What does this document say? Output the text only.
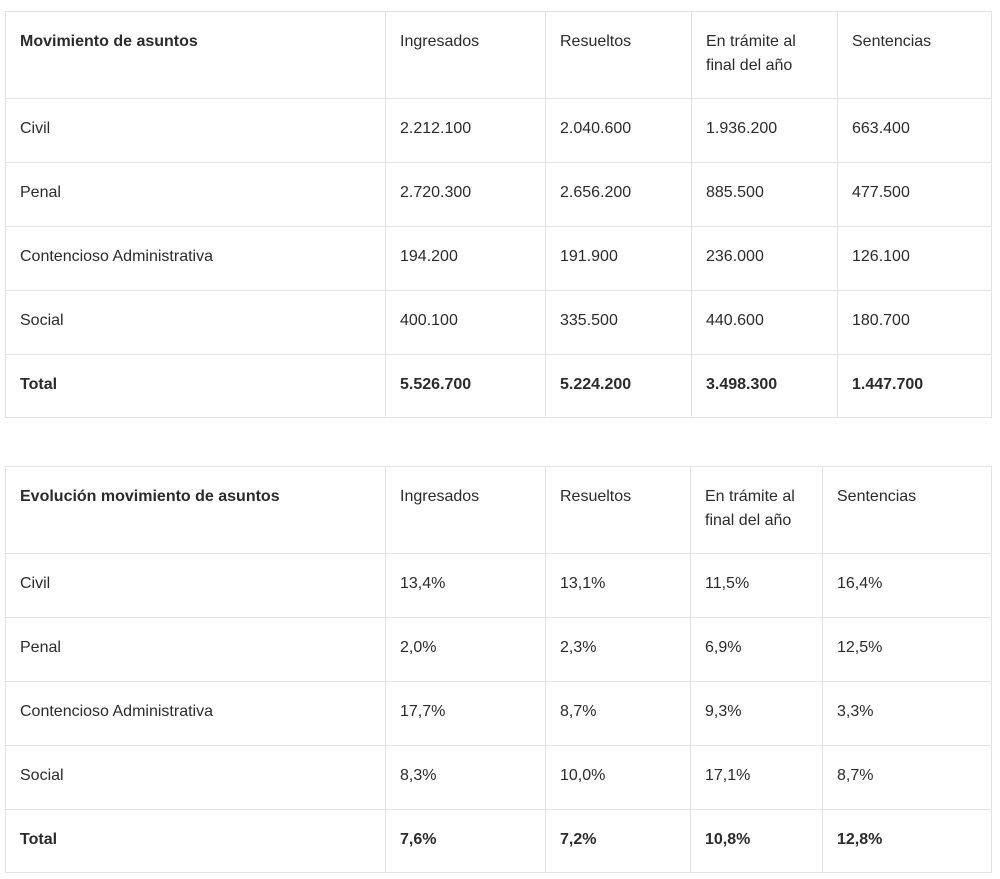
Movimiento de asuntos	Ingresados	Resueltos	En trámite al final del año	Sentencias
Civil	2.212.100	2.040.600	1.936.200	663.400
Penal	2.720.300	2.656.200	885.500	477.500
Contencioso Administrativa	194.200	191.900	236.000	126.100
Social	400.100	335.500	440.600	180.700
Total	5.526.700	5.224.200	3.498.300	1.447.700
Evolución movimiento de asuntos	Ingresados	Resueltos	En trámite al final del año	Sentencias
Civil	13,4%	13,1%	11,5%	16,4%
Penal	2,0%	2,3%	6,9%	12,5%
Contencioso Administrativa	17,7%	8,7%	9,3%	3,3%
Social	8,3%	10,0%	17,1%	8,7%
Total	7,6%	7,2%	10,8%	12,8%
